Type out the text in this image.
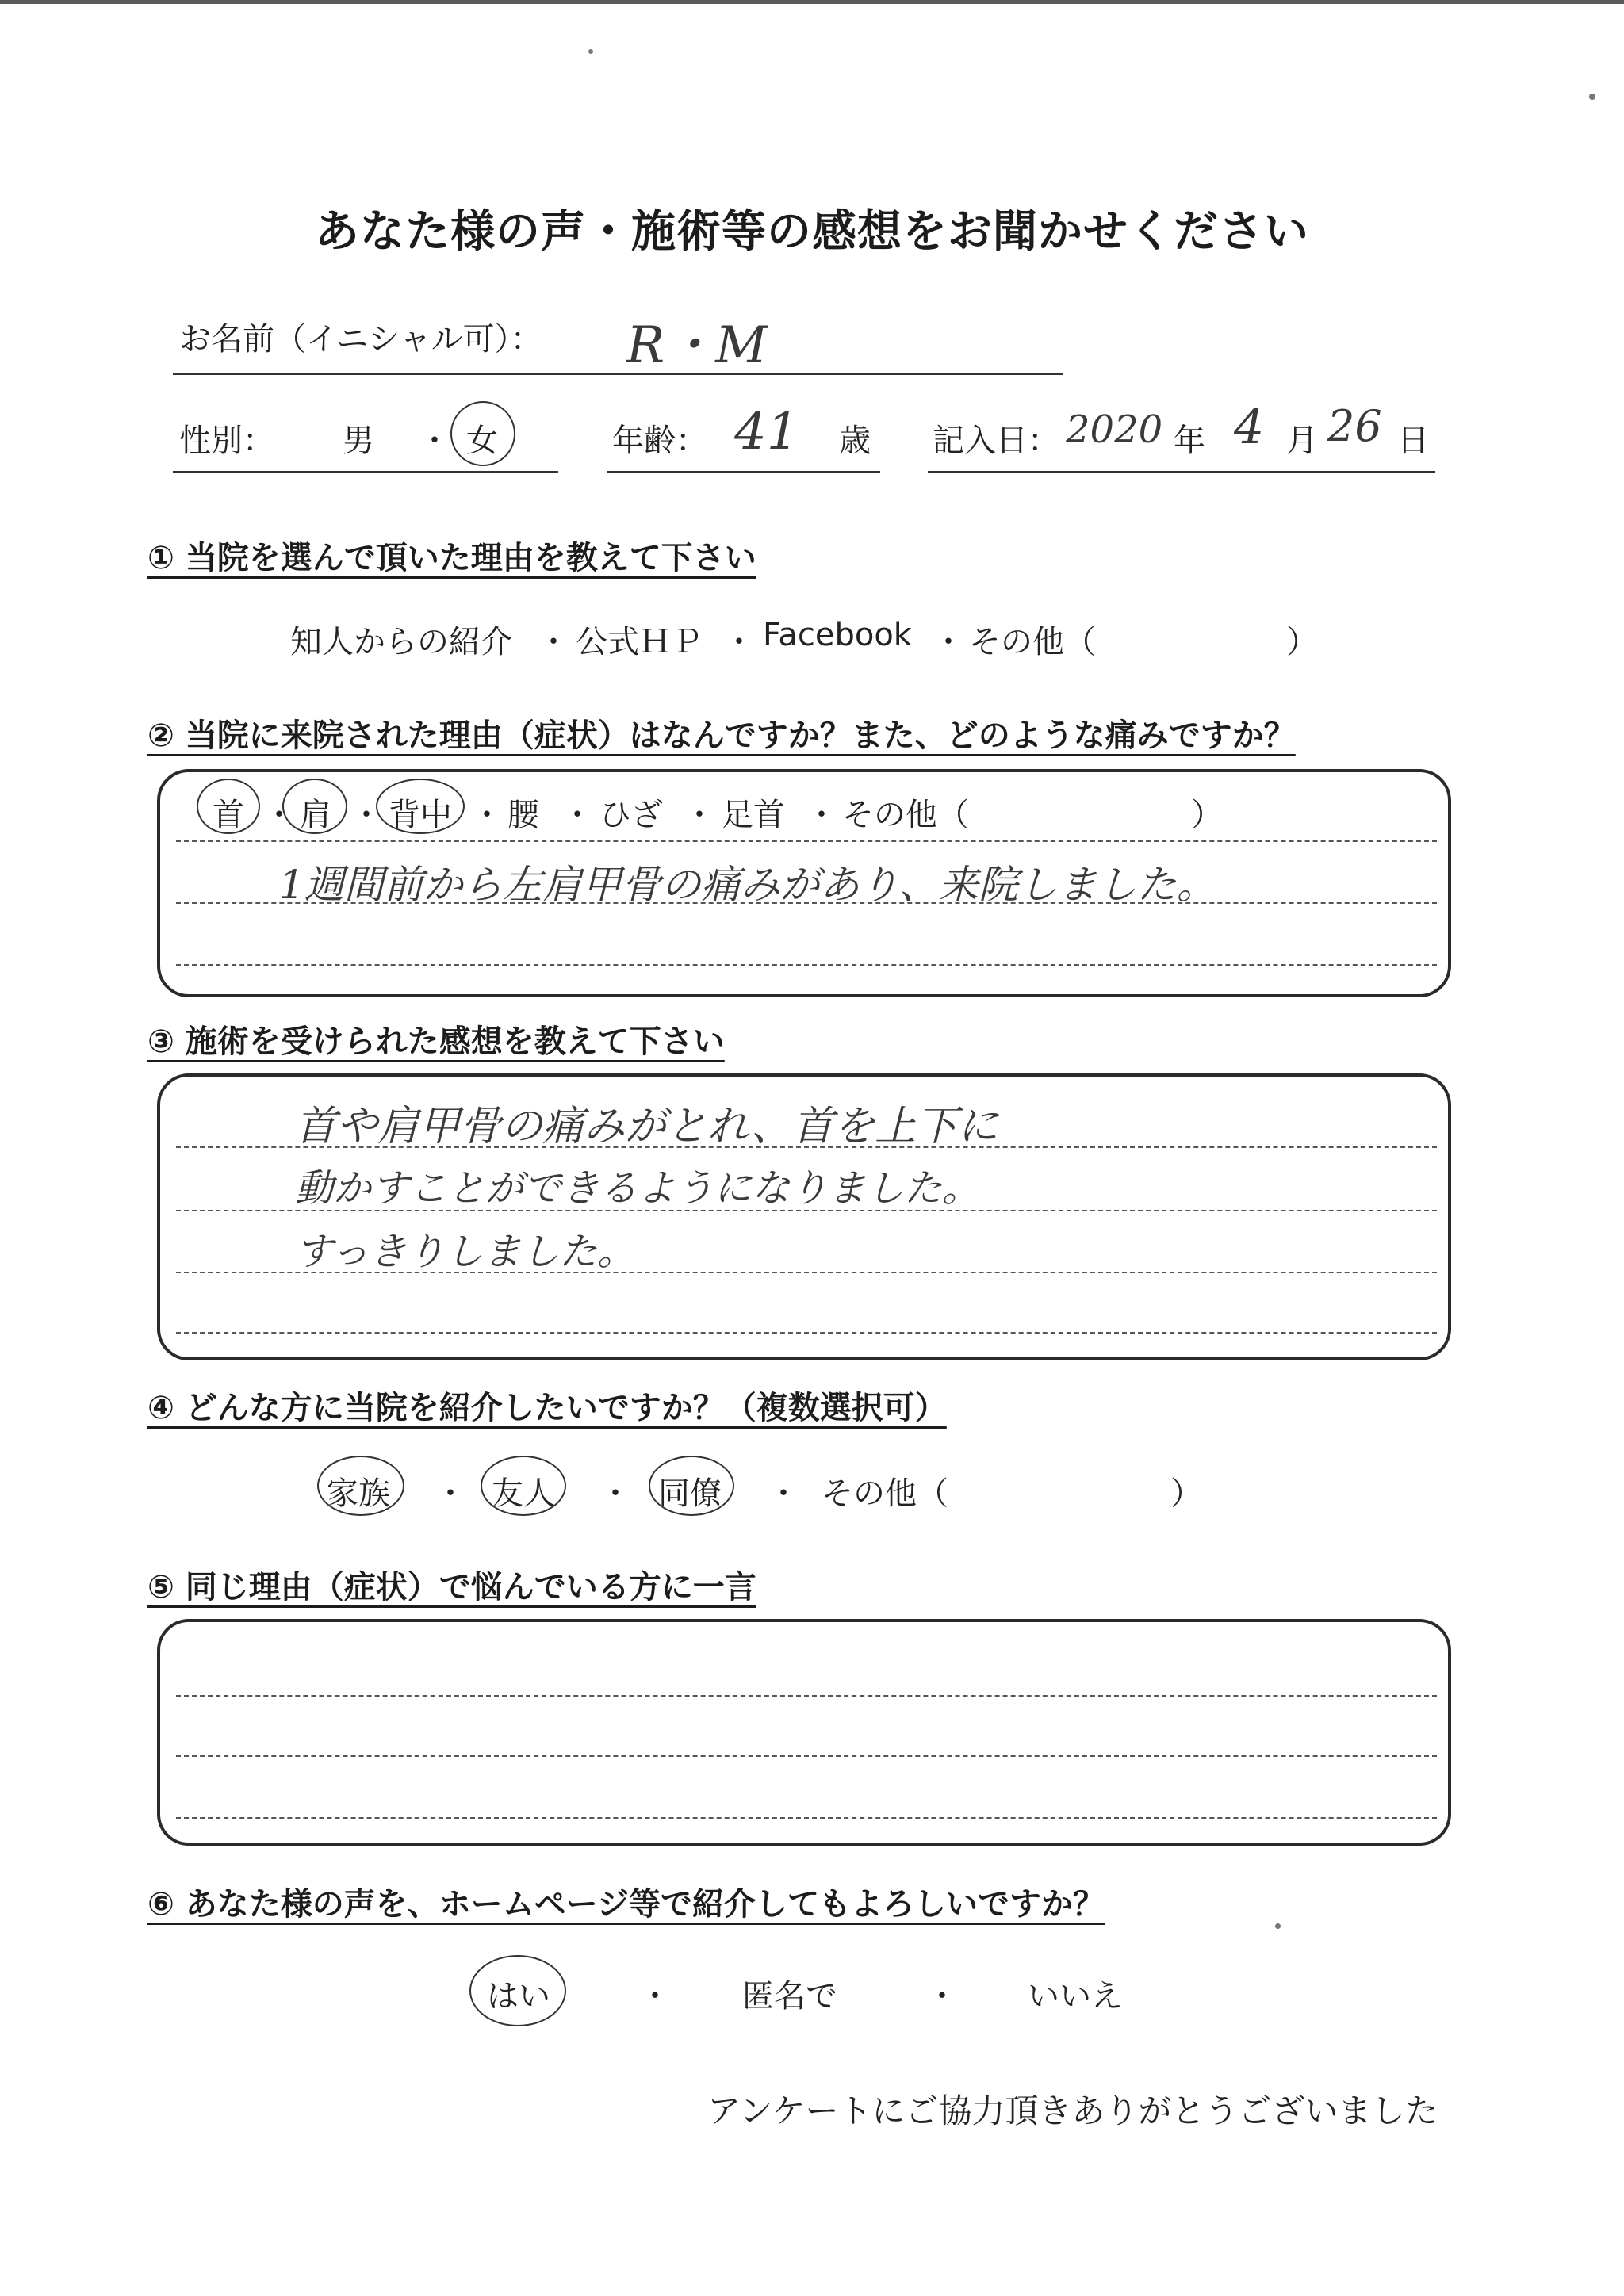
あなた様の声・施術等の感想をお聞かせください
お名前（イニシャル可）： R・M
性別： 男 ・ 女	年齢： 41 歳 記入日： 2020 年 4 月 26 日
① 当院を選んで頂いた理由を教えて下さい
知人からの紹介 ・ 公式ＨＰ ・ Facebook ・ その他（　　　　　　）
② 当院に来院された理由（症状）はなんですか？また、どのような痛みですか？
首 ・ 肩 ・ 背中 ・ 腰 ・ ひざ ・ 足首 ・ その他（　　　　　　　）
1週間前から左肩甲骨の痛みがあり、来院しました。
③ 施術を受けられた感想を教えて下さい
首や肩甲骨の痛みがとれ、首を上下に
動かすことができるようになりました。
すっきりしました。
④ どんな方に当院を紹介したいですか？（複数選択可）
家族 ・ 友人 ・ 同僚 ・ その他（　　　　　　　）
⑤ 同じ理由（症状）で悩んでいる方に一言
⑥ あなた様の声を、ホームページ等で紹介してもよろしいですか？
はい	・ 匿名で	・ いいえ
アンケートにご協力頂きありがとうございました
